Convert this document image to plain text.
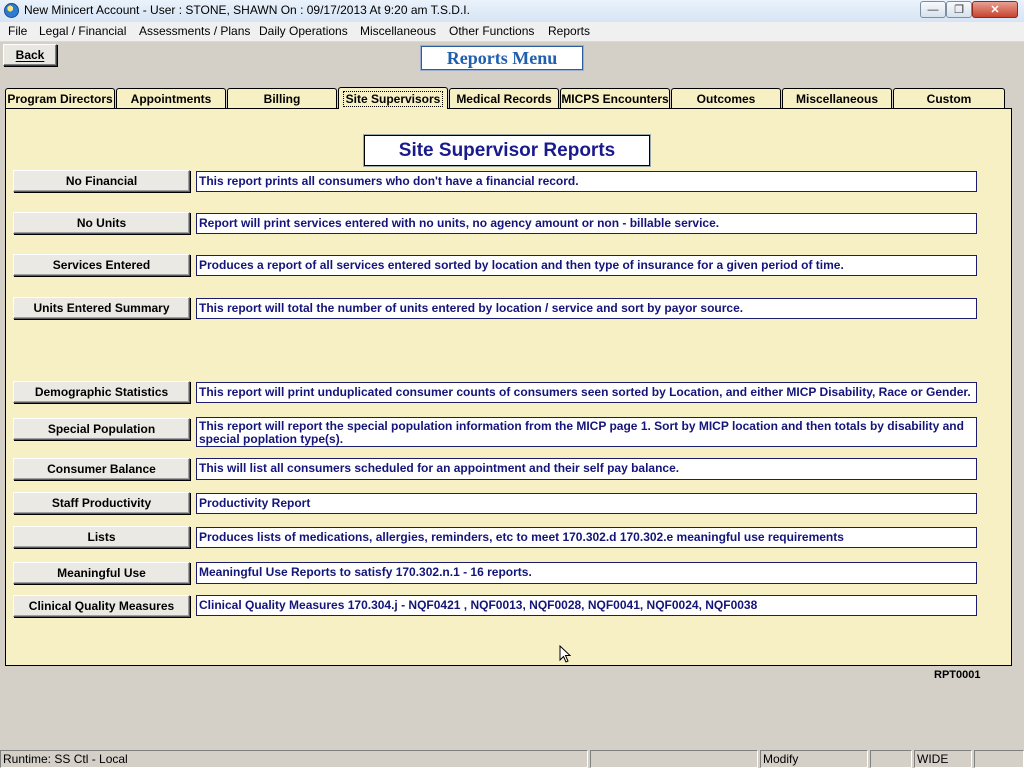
New Minicert Account - User : STONE, SHAWN On : 09/17/2013 At 9:20 am T.S.D.I.	—	❐	✕
File Legal / Financial Assessments / Plans Daily Operations Miscellaneous Other Functions Reports
Back	Reports Menu
Program Directors Appointments	Billing	Site Supervisors Medical Records MICPS Encounters Outcomes	Miscellaneous	Custom
Site Supervisor Reports
No Financial	This report prints all consumers who don't have a financial record.
No Units	Report will print services entered with no units, no agency amount or non - billable service.
Services Entered	Produces a report of all services entered sorted by location and then type of insurance for a given period of time.
Units Entered Summary	This report will total the number of units entered by location / service and sort by payor source.
Demographic Statistics	This report will print unduplicated consumer counts of consumers seen sorted by Location, and either MICP Disability, Race or Gender.
Special Population	This report will report the special population information from the MICP page 1. Sort by MICP location and then totals by disability and special poplation type(s).
Consumer Balance	This will list all consumers scheduled for an appointment and their self pay balance.
Staff Productivity	Productivity Report
Lists	Produces lists of medications, allergies, reminders, etc to meet 170.302.d 170.302.e meaningful use requirements
Meaningful Use	Meaningful Use Reports to satisfy 170.302.n.1 - 16 reports.
Clinical Quality Measures	Clinical Quality Measures 170.304.j - NQF0421 , NQF0013, NQF0028, NQF0041, NQF0024, NQF0038
RPT0001
Runtime: SS Ctl - Local	Modify	WIDE
